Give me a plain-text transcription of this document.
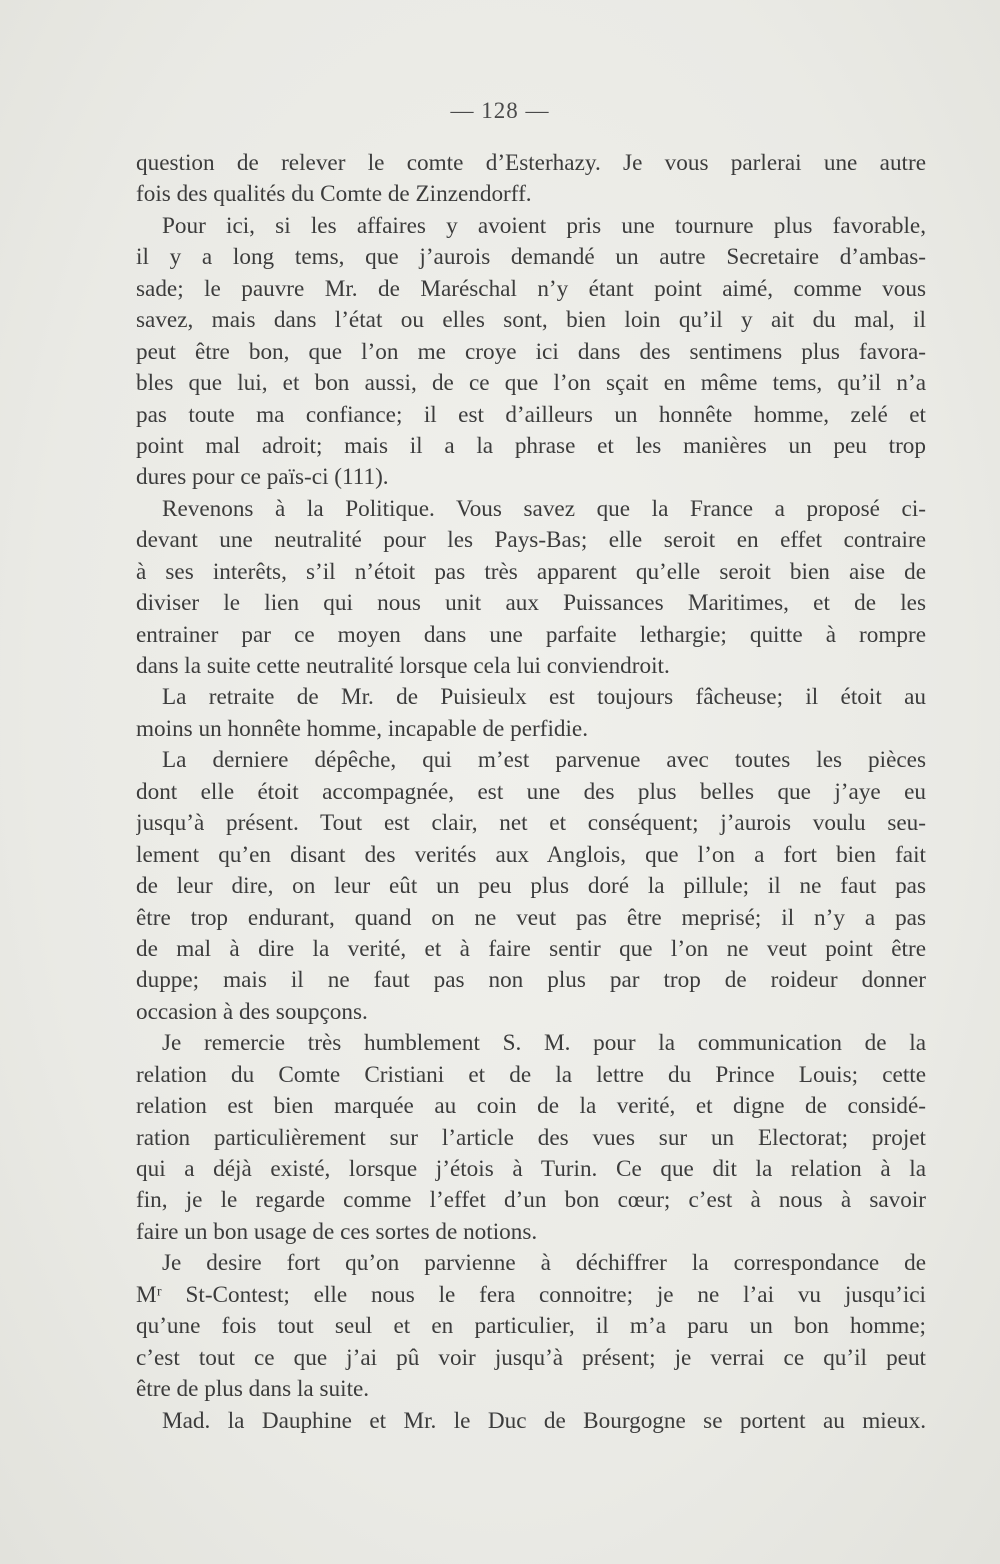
— 128 —
question de relever le comte d’Esterhazy. Je vous parlerai une autre
fois des qualités du Comte de Zinzendorff.
Pour ici, si les affaires y avoient pris une tournure plus favorable,
il y a long tems, que j’aurois demandé un autre Secretaire d’ambas-
sade; le pauvre Mr. de Maréschal n’y étant point aimé, comme vous
savez, mais dans l’état ou elles sont, bien loin qu’il y ait du mal, il
peut être bon, que l’on me croye ici dans des sentimens plus favora-
bles que lui, et bon aussi, de ce que l’on sçait en même tems, qu’il n’a
pas toute ma confiance; il est d’ailleurs un honnête homme, zelé et
point mal adroit; mais il a la phrase et les manières un peu trop
dures pour ce païs-ci (111).
Revenons à la Politique. Vous savez que la France a proposé ci-
devant une neutralité pour les Pays-Bas; elle seroit en effet contraire
à ses interêts, s’il n’étoit pas très apparent qu’elle seroit bien aise de
diviser le lien qui nous unit aux Puissances Maritimes, et de les
entrainer par ce moyen dans une parfaite lethargie; quitte à rompre
dans la suite cette neutralité lorsque cela lui conviendroit.
La retraite de Mr. de Puisieulx est toujours fâcheuse; il étoit au
moins un honnête homme, incapable de perfidie.
La derniere dépêche, qui m’est parvenue avec toutes les pièces
dont elle étoit accompagnée, est une des plus belles que j’aye eu
jusqu’à présent. Tout est clair, net et conséquent; j’aurois voulu seu-
lement qu’en disant des verités aux Anglois, que l’on a fort bien fait
de leur dire, on leur eût un peu plus doré la pillule; il ne faut pas
être trop endurant, quand on ne veut pas être meprisé; il n’y a pas
de mal à dire la verité, et à faire sentir que l’on ne veut point être
duppe; mais il ne faut pas non plus par trop de roideur donner
occasion à des soupçons.
Je remercie très humblement S. M. pour la communication de la
relation du Comte Cristiani et de la lettre du Prince Louis; cette
relation est bien marquée au coin de la verité, et digne de considé-
ration particulièrement sur l’article des vues sur un Electorat; projet
qui a déjà existé, lorsque j’étois à Turin. Ce que dit la relation à la
fin, je le regarde comme l’effet d’un bon cœur; c’est à nous à savoir
faire un bon usage de ces sortes de notions.
Je desire fort qu’on parvienne à déchiffrer la correspondance de
Mʳ St-Contest; elle nous le fera connoitre; je ne l’ai vu jusqu’ici
qu’une fois tout seul et en particulier, il m’a paru un bon homme;
c’est tout ce que j’ai pû voir jusqu’à présent; je verrai ce qu’il peut
être de plus dans la suite.
Mad. la Dauphine et Mr. le Duc de Bourgogne se portent au mieux.
